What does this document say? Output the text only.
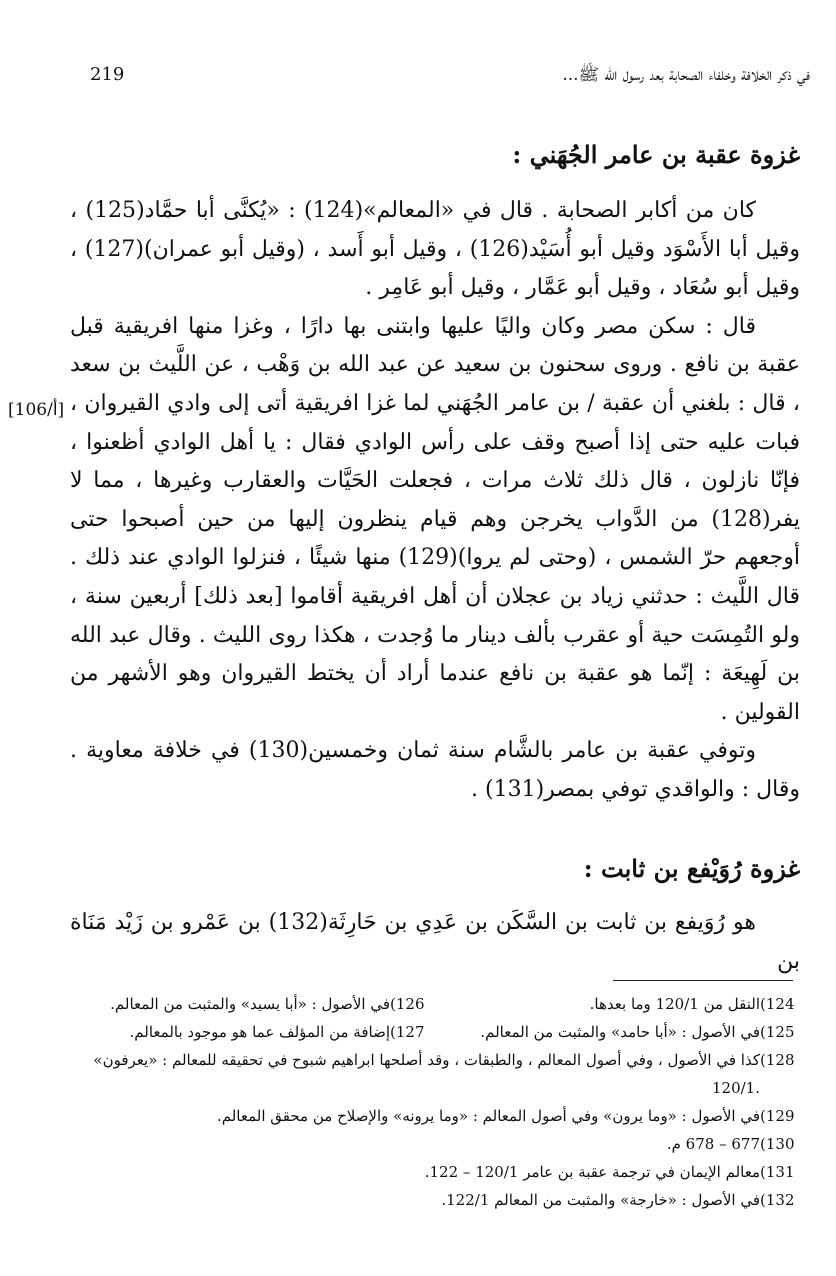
219	في ذكر الخلافة وخلفاء الصحابة بعد رسول الله ﷺ...
غزوة عقبة بن عامر الجُهَني :

كان من أكابر الصحابة . قال في «المعالم»(124) : «يُكنَّى أبا حمَّاد(125) ، وقيل أبا الأَسْوَد وقيل أبو أُسَيْد(126) ، وقيل أبو أَسد ، (وقيل أبو عمران)(127) ، وقيل أبو سُعَاد ، وقيل أبو عَمَّار ، وقيل أبو عَامِر .

قال : سكن مصر وكان واليًا عليها وابتنى بها دارًا ، وغزا منها افريقية قبل عقبة بن نافع . وروى سحنون بن سعيد عن عبد الله بن وَهْب ، عن اللَّيث بن سعد ، قال : بلغني أن عقبة / بن عامر الجُهَني لما غزا افريقية أتى إلى وادي القيروان ، فبات عليه حتى إذا أصبح وقف على رأس الوادي فقال : يا أهل الوادي أظعنوا ، فإنّا نازلون ، قال ذلك ثلاث مرات ، فجعلت الحَيَّات والعقارب وغيرها ، مما لا يفر(128) من الدَّواب يخرجن وهم قيام ينظرون إليها من حين أصبحوا حتى أوجعهم حرّ الشمس ، (وحتى لم يروا)(129) منها شيئًا ، فنزلوا الوادي عند ذلك . قال اللَّيث : حدثني زياد بن عجلان أن أهل افريقية أقاموا [بعد ذلك] أربعين سنة ، ولو التُمِسَت حية أو عقرب بألف دينار ما وُجدت ، هكذا روى الليث . وقال عبد الله بن لَهِيعَة : إنّما هو عقبة بن نافع عندما أراد أن يختط القيروان وهو الأشهر من القولين .

وتوفي عقبة بن عامر بالشَّام سنة ثمان وخمسين(130) في خلافة معاوية . وقال : والواقدي توفي بمصر(131) .

[106/أ]
غزوة رُوَيْفع بن ثابت :

هو رُوَيفع بن ثابت بن السَّكَن بن عَدِي بن حَارِثَة(132) بن عَمْرو بن زَيْد مَنَاة بن

(124
النقل من 120/1 وما بعدها.
(126
في الأصول : «أبا يسيد» والمثبت من المعالم.
(125
في الأصول : «أبا حامد» والمثبت من المعالم.
(127
إضافة من المؤلف عما هو موجود بالمعالم.
(128
كذا في الأصول ، وفي أصول المعالم ، والطبقات ، وقد أصلحها ابراهيم شبوح في تحقيقه للمعالم : «يعرفون»
.120/1
(129
في الأصول : «وما يرون» وفي أصول المعالم : «وما يرونه» والإصلاح من محقق المعالم.
(130
677 – 678 م.
(131
معالم الإيمان في ترجمة عقبة بن عامر 120/1 – 122.
(132
في الأصول : «خارجة» والمثبت من المعالم 122/1.
